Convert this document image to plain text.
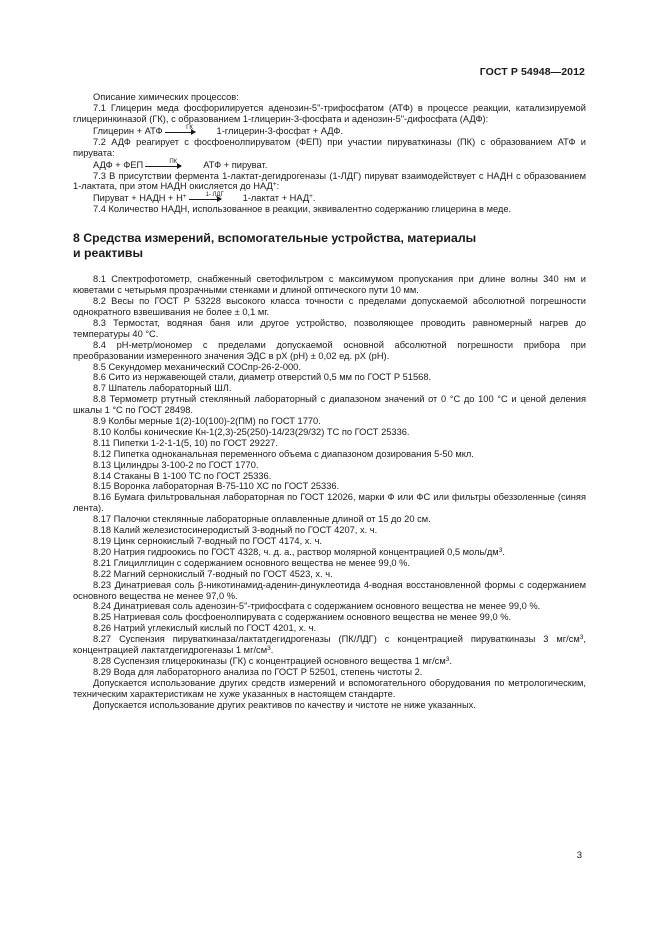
ГОСТ Р 54948—2012

Описание химических процессов:

7.1 Глицерин меда фосфорилируется аденозин-5"-трифосфатом (АТФ) в процессе реакции, катализируемой глицеринкиназой (ГК), с образованием 1-глицерин-3-фосфата и аденозин-5"-дифосфата (АДФ):

Глицерин + АТФ	ГК	1-глицерин-3-фосфат + АДФ.

7.2 АДФ реагирует с фосфоенолпируватом (ФЕП) при участии пируваткиназы (ПК) с образованием АТФ и пирувата:

АДФ + ФЕП	ПК	АТФ + пируват.

7.3 В присутствии фермента 1-лактат-дегидрогеназы (1-ЛДГ) пируват взаимодействует с НАДН с образованием 1-лактата, при этом НАДН окисляется до НАД+:

Пируват + НАДН + Н+	1- ЛДГ	1-лактат + НАД+.

7.4 Количество НАДН, использованное в реакции, эквивалентно содержанию глицерина в меде.

8 Средства измерений, вспомогательные устройства, материалы
и реактивы

8.1 Спектрофотометр, снабженный светофильтром с максимумом пропускания при длине волны 340 нм и кюветами с четырьмя прозрачными стенками и длиной оптического пути 10 мм.

8.2 Весы по ГОСТ Р 53228 высокого класса точности с пределами допускаемой абсолютной погрешности однократного взвешивания не более ± 0,1 мг.

8.3 Термостат, водяная баня или другое устройство, позволяющее проводить равномерный нагрев до температуры 40 °С.

8.4 рН-метр/иономер с пределами допускаемой основной абсолютной погрешности прибора при преобразовании измеренного значения ЭДС в рХ (рН) ± 0,02 ед. рХ (рН).

8.5 Секундомер механический СОСпр-26-2-000.

8.6 Сито из нержавеющей стали, диаметр отверстий 0,5 мм по ГОСТ Р 51568.

8.7 Шпатель лабораторный ШЛ.

8.8 Термометр ртутный стеклянный лабораторный с диапазоном значений от 0 °С до 100 °С и ценой деления шкалы 1 °С по ГОСТ 28498.

8.9 Колбы мерные 1(2)-10(100)-2(ПМ) по ГОСТ 1770.

8.10 Колбы конические Кн-1(2,3)-25(250)-14/23(29/32) ТС по ГОСТ 25336.

8.11 Пипетки 1-2-1-1(5, 10) по ГОСТ 29227.

8.12 Пипетка одноканальная переменного объема с диапазоном дозирования 5-50 мкл.

8.13 Цилиндры 3-100-2 по ГОСТ 1770.

8.14 Стаканы В 1-100 ТС по ГОСТ 25336.

8.15 Воронка лабораторная В-75-110 ХС по ГОСТ 25336.

8.16 Бумага фильтровальная лабораторная по ГОСТ 12026, марки Ф или ФС или фильтры обеззоленные (синяя лента).

8.17 Палочки стеклянные лабораторные оплавленные длиной от 15 до 20 см.

8.18 Калий железистосинеродистый 3-водный по ГОСТ 4207, х. ч.

8.19 Цинк сернокислый 7-водный по ГОСТ 4174, х. ч.

8.20 Натрия гидроокись по ГОСТ 4328, ч. д. а., раствор молярной концентрацией 0,5 моль/$дм^3$.

8.21 Глицилглицин с содержанием основного вещества не менее 99,0 %.

8.22 Магний сернокислый 7-водный по ГОСТ 4523, х. ч.

8.23 Динатриевая соль β-никотинамид-аденин-динуклеотида 4-водная восстановленной формы с содержанием основного вещества не менее 97,0 %.

8.24 Динатриевая соль аденозин-5"-трифосфата с содержанием основного вещества не менее 99,0 %.

8.25 Натриевая соль фосфоенолпирувата с содержанием основного вещества не менее 99,0 %.

8.26 Натрий углекислый кислый по ГОСТ 4201, х. ч.

8.27 Суспензия пируваткиназа/лактатдегидрогеназы (ПК/ЛДГ) с концентрацией пируваткиназы 3 $мг/см^3$, концентрацией лактатдегидрогеназы 1 $мг/см^3$.

8.28 Суспензия глицерокиназы (ГК) с концентрацией основного вещества 1 $мг/см^3$.

8.29 Вода для лабораторного анализа по ГОСТ Р 52501, степень чистоты 2.

Допускается использование других средств измерений и вспомогательного оборудования по метрологическим, техническим характеристикам не хуже указанных в настоящем стандарте.

Допускается использование других реактивов по качеству и чистоте не ниже указанных.

3
